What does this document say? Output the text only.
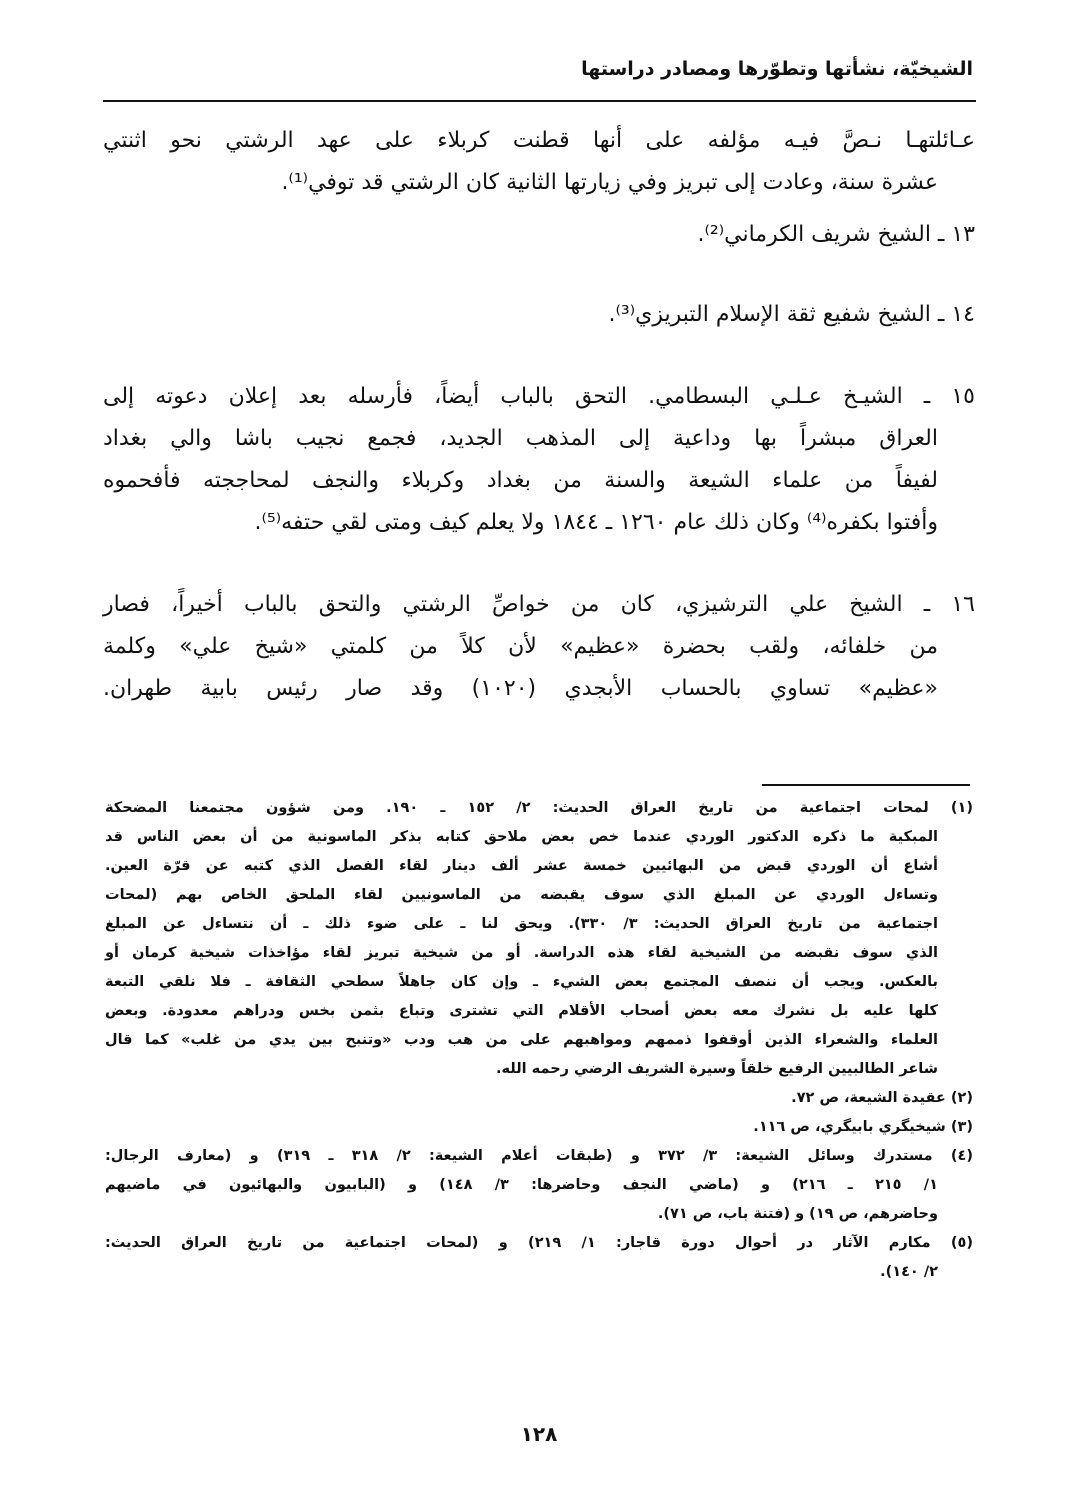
الشيخيّة، نشأتها وتطوّرها ومصادر دراستها
عـائلتهـا نـصَّ فيـه مؤلفه على أنها قطنت كربلاء على عهد الرشتي نحو اثنتي
عشرة سنة، وعادت إلى تبريز وفي زيارتها الثانية كان الرشتي قد توفي⁽¹⁾.
١٣ ـ الشيخ شريف الكرماني⁽²⁾.
١٤ ـ الشيخ شفيع ثقة الإسلام التبريزي⁽³⁾.
١٥ ـ الشيـخ عـلـي البسطامي. التحق بالباب أيضاً، فأرسله بعد إعلان دعوته إلى
العراق مبشراً بها وداعية إلى المذهب الجديد، فجمع نجيب باشا والي بغداد
لفيفاً من علماء الشيعة والسنة من بغداد وكربلاء والنجف لمحاججته فأفحموه
وأفتوا بكفره⁽⁴⁾ وكان ذلك عام ١٢٦٠ ـ ١٨٤٤ ولا يعلم كيف ومتى لقي حتفه⁽⁵⁾.
١٦ ـ الشيخ علي الترشيزي، كان من خواصِّ الرشتي والتحق بالباب أخيراً، فصار
من خلفائه، ولقب بحضرة «عظيم» لأن كلاً من كلمتي «شيخ علي» وكلمة
«عظيم» تساوي بالحساب الأبجدي (١٠٢٠) وقد صار رئيس بابية طهران.
(١) لمحات اجتماعية من تاريخ العراق الحديث: ٢/ ١٥٢ ـ ١٩٠. ومن شؤون مجتمعنا المضحكة
المبكية ما ذكره الدكتور الوردي عندما خص بعض ملاحق كتابه بذكر الماسونية من أن بعض الناس قد
أشاع أن الوردي قبض من البهائيين خمسة عشر ألف دينار لقاء الفصل الذي كتبه عن قرّة العين.
وتساءل الوردي عن المبلغ الذي سوف يقبضه من الماسونيين لقاء الملحق الخاص بهم (لمحات
اجتماعية من تاريخ العراق الحديث: ٣/ ٣٣٠). ويحق لنا ـ على ضوء ذلك ـ أن نتساءل عن المبلغ
الذي سوف نقبضه من الشيخية لقاء هذه الدراسة. أو من شيخية تبريز لقاء مؤاخذات شيخية كرمان أو
بالعكس. ويجب أن ننصف المجتمع بعض الشيء ـ وإن كان جاهلاً سطحي الثقافة ـ فلا نلقي التبعة
كلها عليه بل نشرك معه بعض أصحاب الأقلام التي تشترى وتباع بثمن بخس ودراهم معدودة. وبعض
العلماء والشعراء الذين أوقفوا ذممهم ومواهبهم على من هب ودب «وتنبح بين يدي من غلب» كما قال
شاعر الطالبيين الرفيع خلقاً وسيرة الشريف الرضي رحمه الله.
(٢) عقيدة الشيعة، ص ٧٢.
(٣) شيخيگري بابيگري، ص ١١٦.
(٤) مستدرك وسائل الشيعة: ٣/ ٣٧٢ و (طبقات أعلام الشيعة: ٢/ ٣١٨ ـ ٣١٩) و (معارف الرجال:
١/ ٢١٥ ـ ٢١٦) و (ماضي النجف وحاضرها: ٣/ ١٤٨) و (البابيون والبهائيون في ماضيهم
وحاضرهم، ص ١٩) و (فتنة باب، ص ٧١).
(٥) مكارم الآثار در أحوال دورة قاجار: ١/ ٢١٩) و (لمحات اجتماعية من تاريخ العراق الحديث:
٢/ ١٤٠).
١٢٨
